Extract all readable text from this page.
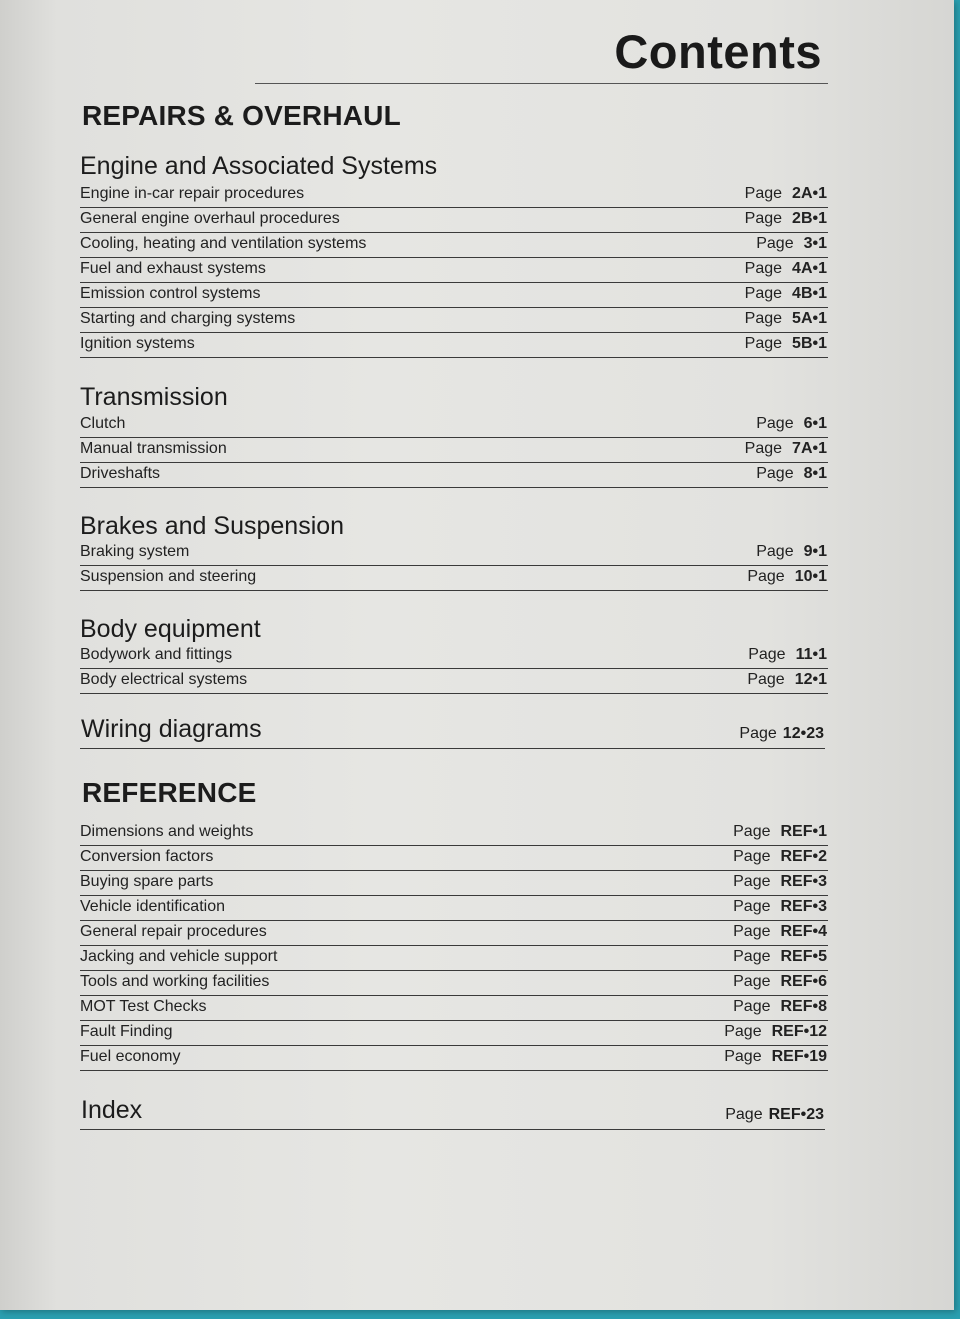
Contents
REPAIRS & OVERHAUL
Engine and Associated Systems
Engine in-car repair procedures	Page 2A•1
General engine overhaul procedures	Page 2B•1
Cooling, heating and ventilation systems	Page 3•1
Fuel and exhaust systems	Page 4A•1
Emission control systems	Page 4B•1
Starting and charging systems	Page 5A•1
Ignition systems	Page 5B•1
Transmission
Clutch	Page 6•1
Manual transmission	Page 7A•1
Driveshafts	Page 8•1
Brakes and Suspension
Braking system	Page 9•1
Suspension and steering	Page 10•1
Body equipment
Bodywork and fittings	Page 11•1
Body electrical systems	Page 12•1
Wiring diagrams	Page 12•23
REFERENCE
Dimensions and weights	Page REF•1
Conversion factors	Page REF•2
Buying spare parts	Page REF•3
Vehicle identification	Page REF•3
General repair procedures	Page REF•4
Jacking and vehicle support	Page REF•5
Tools and working facilities	Page REF•6
MOT Test Checks	Page REF•8
Fault Finding	Page REF•12
Fuel economy	Page REF•19
Index	Page REF•23
